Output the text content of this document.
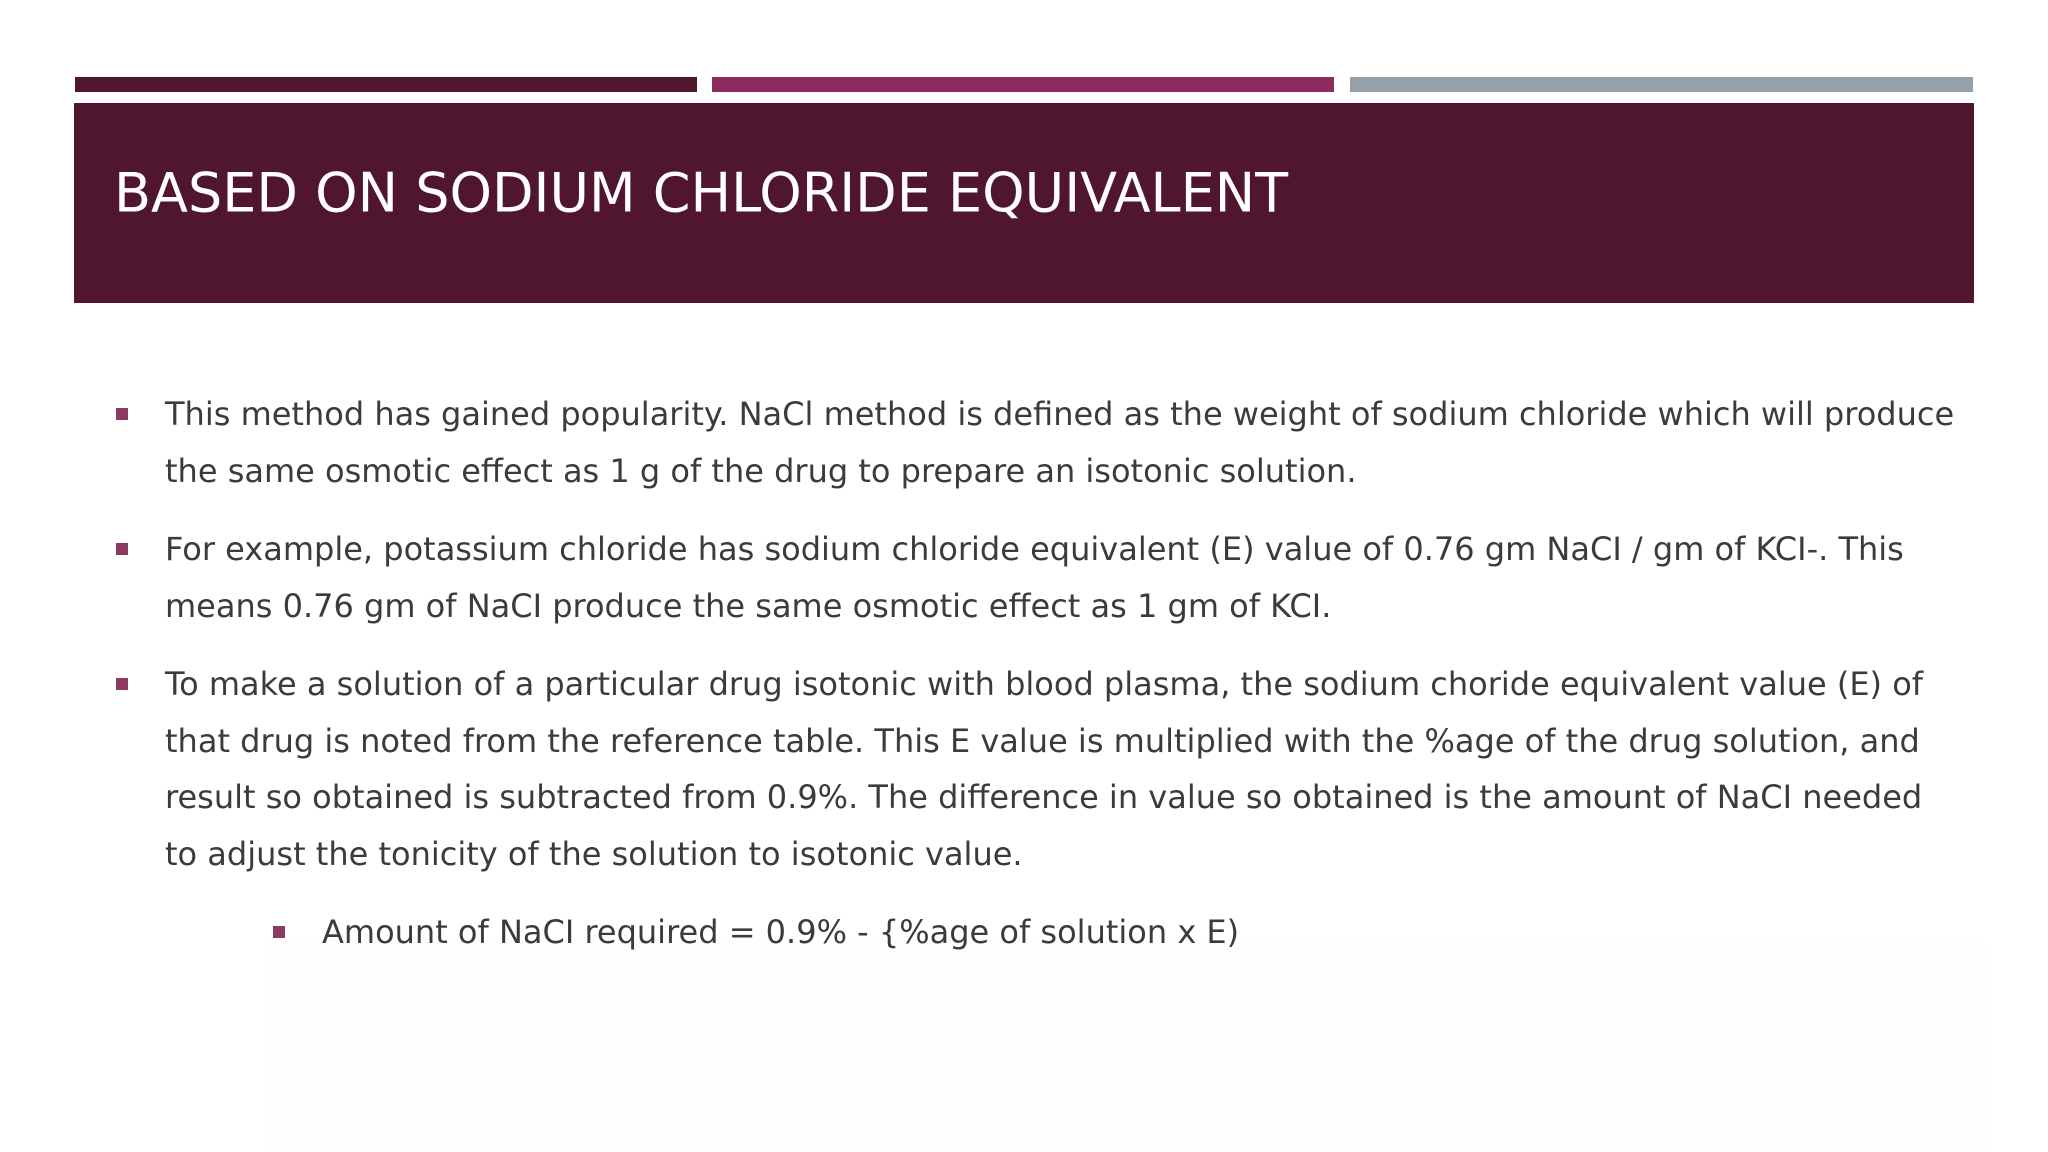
BASED ON SODIUM CHLORIDE EQUIVALENT
This method has gained popularity. NaCl method is defined as the weight of sodium chloride which will produce the same osmotic effect as 1 g of the drug to prepare an isotonic solution.
For example, potassium chloride has sodium chloride equivalent (E) value of 0.76 gm NaCI / gm of KCI-. This means 0.76 gm of NaCI produce the same osmotic effect as 1 gm of KCI.
To make a solution of a particular drug isotonic with blood plasma, the sodium choride equivalent value (E) of that drug is noted from the reference table. This E value is multiplied with the %age of the drug solution, and result so obtained is subtracted from 0.9%. The difference in value so obtained is the amount of NaCI needed to adjust the tonicity of the solution to isotonic value.
Amount of NaCI required = 0.9% - {%age of solution x E)
